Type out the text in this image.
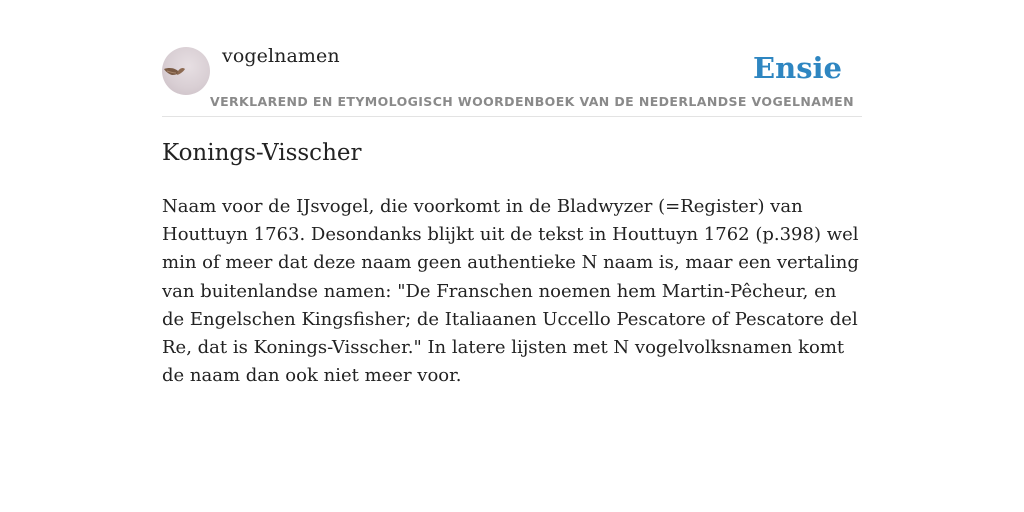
vogelnamen	Ensie
VERKLAREND EN ETYMOLOGISCH WOORDENBOEK VAN DE NEDERLANDSE VOGELNAMEN
Konings-Visscher

Naam voor de IJsvogel, die voorkomt in de Bladwyzer (=Register) van Houttuyn 1763. Desondanks blijkt uit de tekst in Houttuyn 1762 (p.398) wel min of meer dat deze naam geen authentieke N naam is, maar een vertaling van buitenlandse namen: "De Franschen noemen hem Martin-Pêcheur, en de Engelschen Kingsfisher; de Italiaanen Uccello Pescatore of Pescatore del Re, dat is Konings-Visscher." In latere lijsten met N vogelvolksnamen komt de naam dan ook niet meer voor.
